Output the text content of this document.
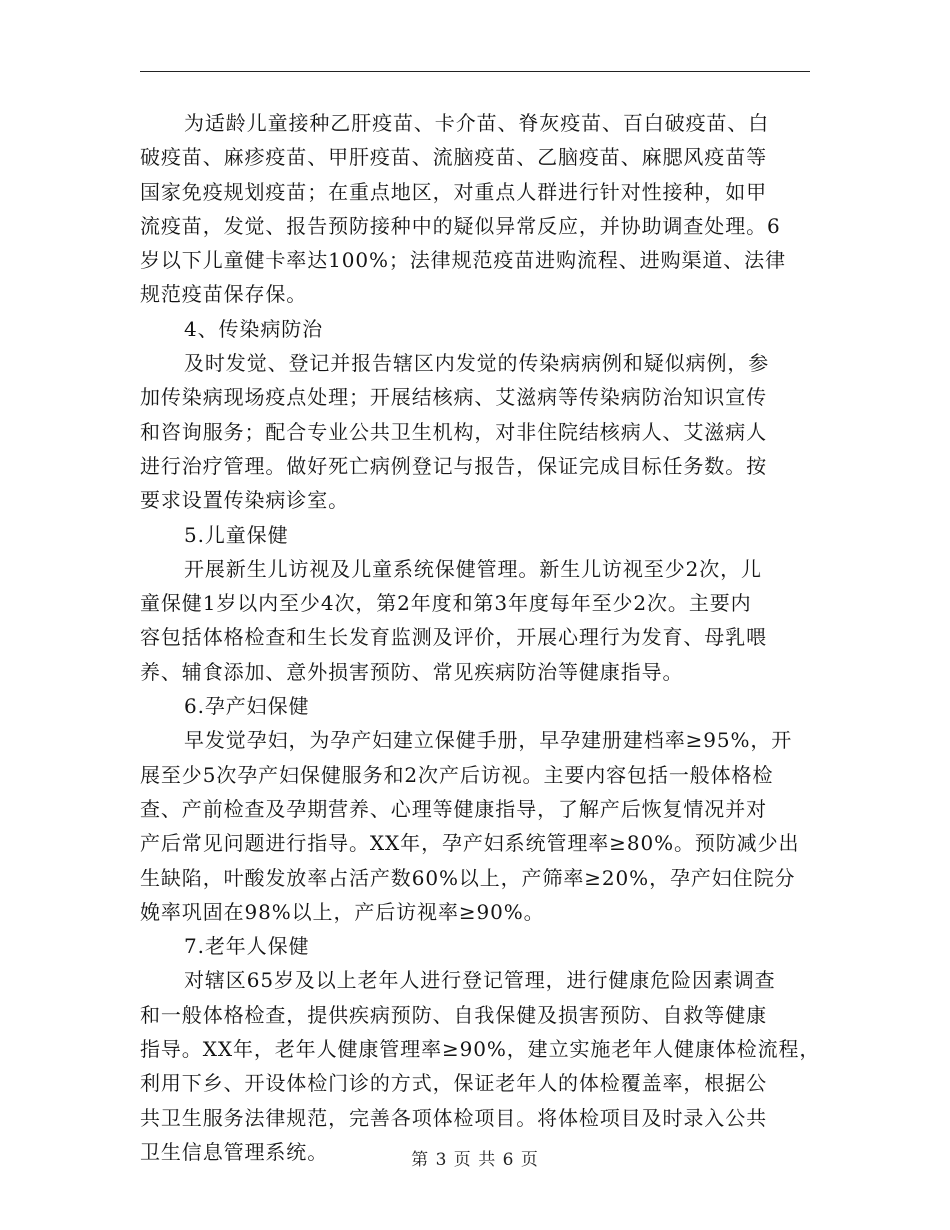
为适龄儿童接种乙肝疫苗、卡介苗、脊灰疫苗、百白破疫苗、白

破疫苗、麻疹疫苗、甲肝疫苗、流脑疫苗、乙脑疫苗、麻腮风疫苗等

国家免疫规划疫苗；在重点地区，对重点人群进行针对性接种，如甲

流疫苗，发觉、报告预防接种中的疑似异常反应，并协助调查处理。6

岁以下儿童健卡率达100%；法律规范疫苗进购流程、进购渠道、法律

规范疫苗保存保。

4、传染病防治

及时发觉、登记并报告辖区内发觉的传染病病例和疑似病例，参

加传染病现场疫点处理；开展结核病、艾滋病等传染病防治知识宣传

和咨询服务；配合专业公共卫生机构，对非住院结核病人、艾滋病人

进行治疗管理。做好死亡病例登记与报告，保证完成目标任务数。按

要求设置传染病诊室。

5.儿童保健

开展新生儿访视及儿童系统保健管理。新生儿访视至少2次，儿

童保健1岁以内至少4次，第2年度和第3年度每年至少2次。主要内

容包括体格检查和生长发育监测及评价，开展心理行为发育、母乳喂

养、辅食添加、意外损害预防、常见疾病防治等健康指导。

6.孕产妇保健

早发觉孕妇，为孕产妇建立保健手册，早孕建册建档率≥95%，开

展至少5次孕产妇保健服务和2次产后访视。主要内容包括一般体格检

查、产前检查及孕期营养、心理等健康指导，了解产后恢复情况并对

产后常见问题进行指导。XX年，孕产妇系统管理率≥80%。预防减少出

生缺陷，叶酸发放率占活产数60%以上，产筛率≥20%，孕产妇住院分

娩率巩固在98%以上，产后访视率≥90%。

7.老年人保健

对辖区65岁及以上老年人进行登记管理，进行健康危险因素调查

和一般体格检查，提供疾病预防、自我保健及损害预防、自救等健康

指导。XX年，老年人健康管理率≥90%，建立实施老年人健康体检流程，

利用下乡、开设体检门诊的方式，保证老年人的体检覆盖率，根据公

共卫生服务法律规范，完善各项体检项目。将体检项目及时录入公共

卫生信息管理系统。	第 3 页 共 6 页
